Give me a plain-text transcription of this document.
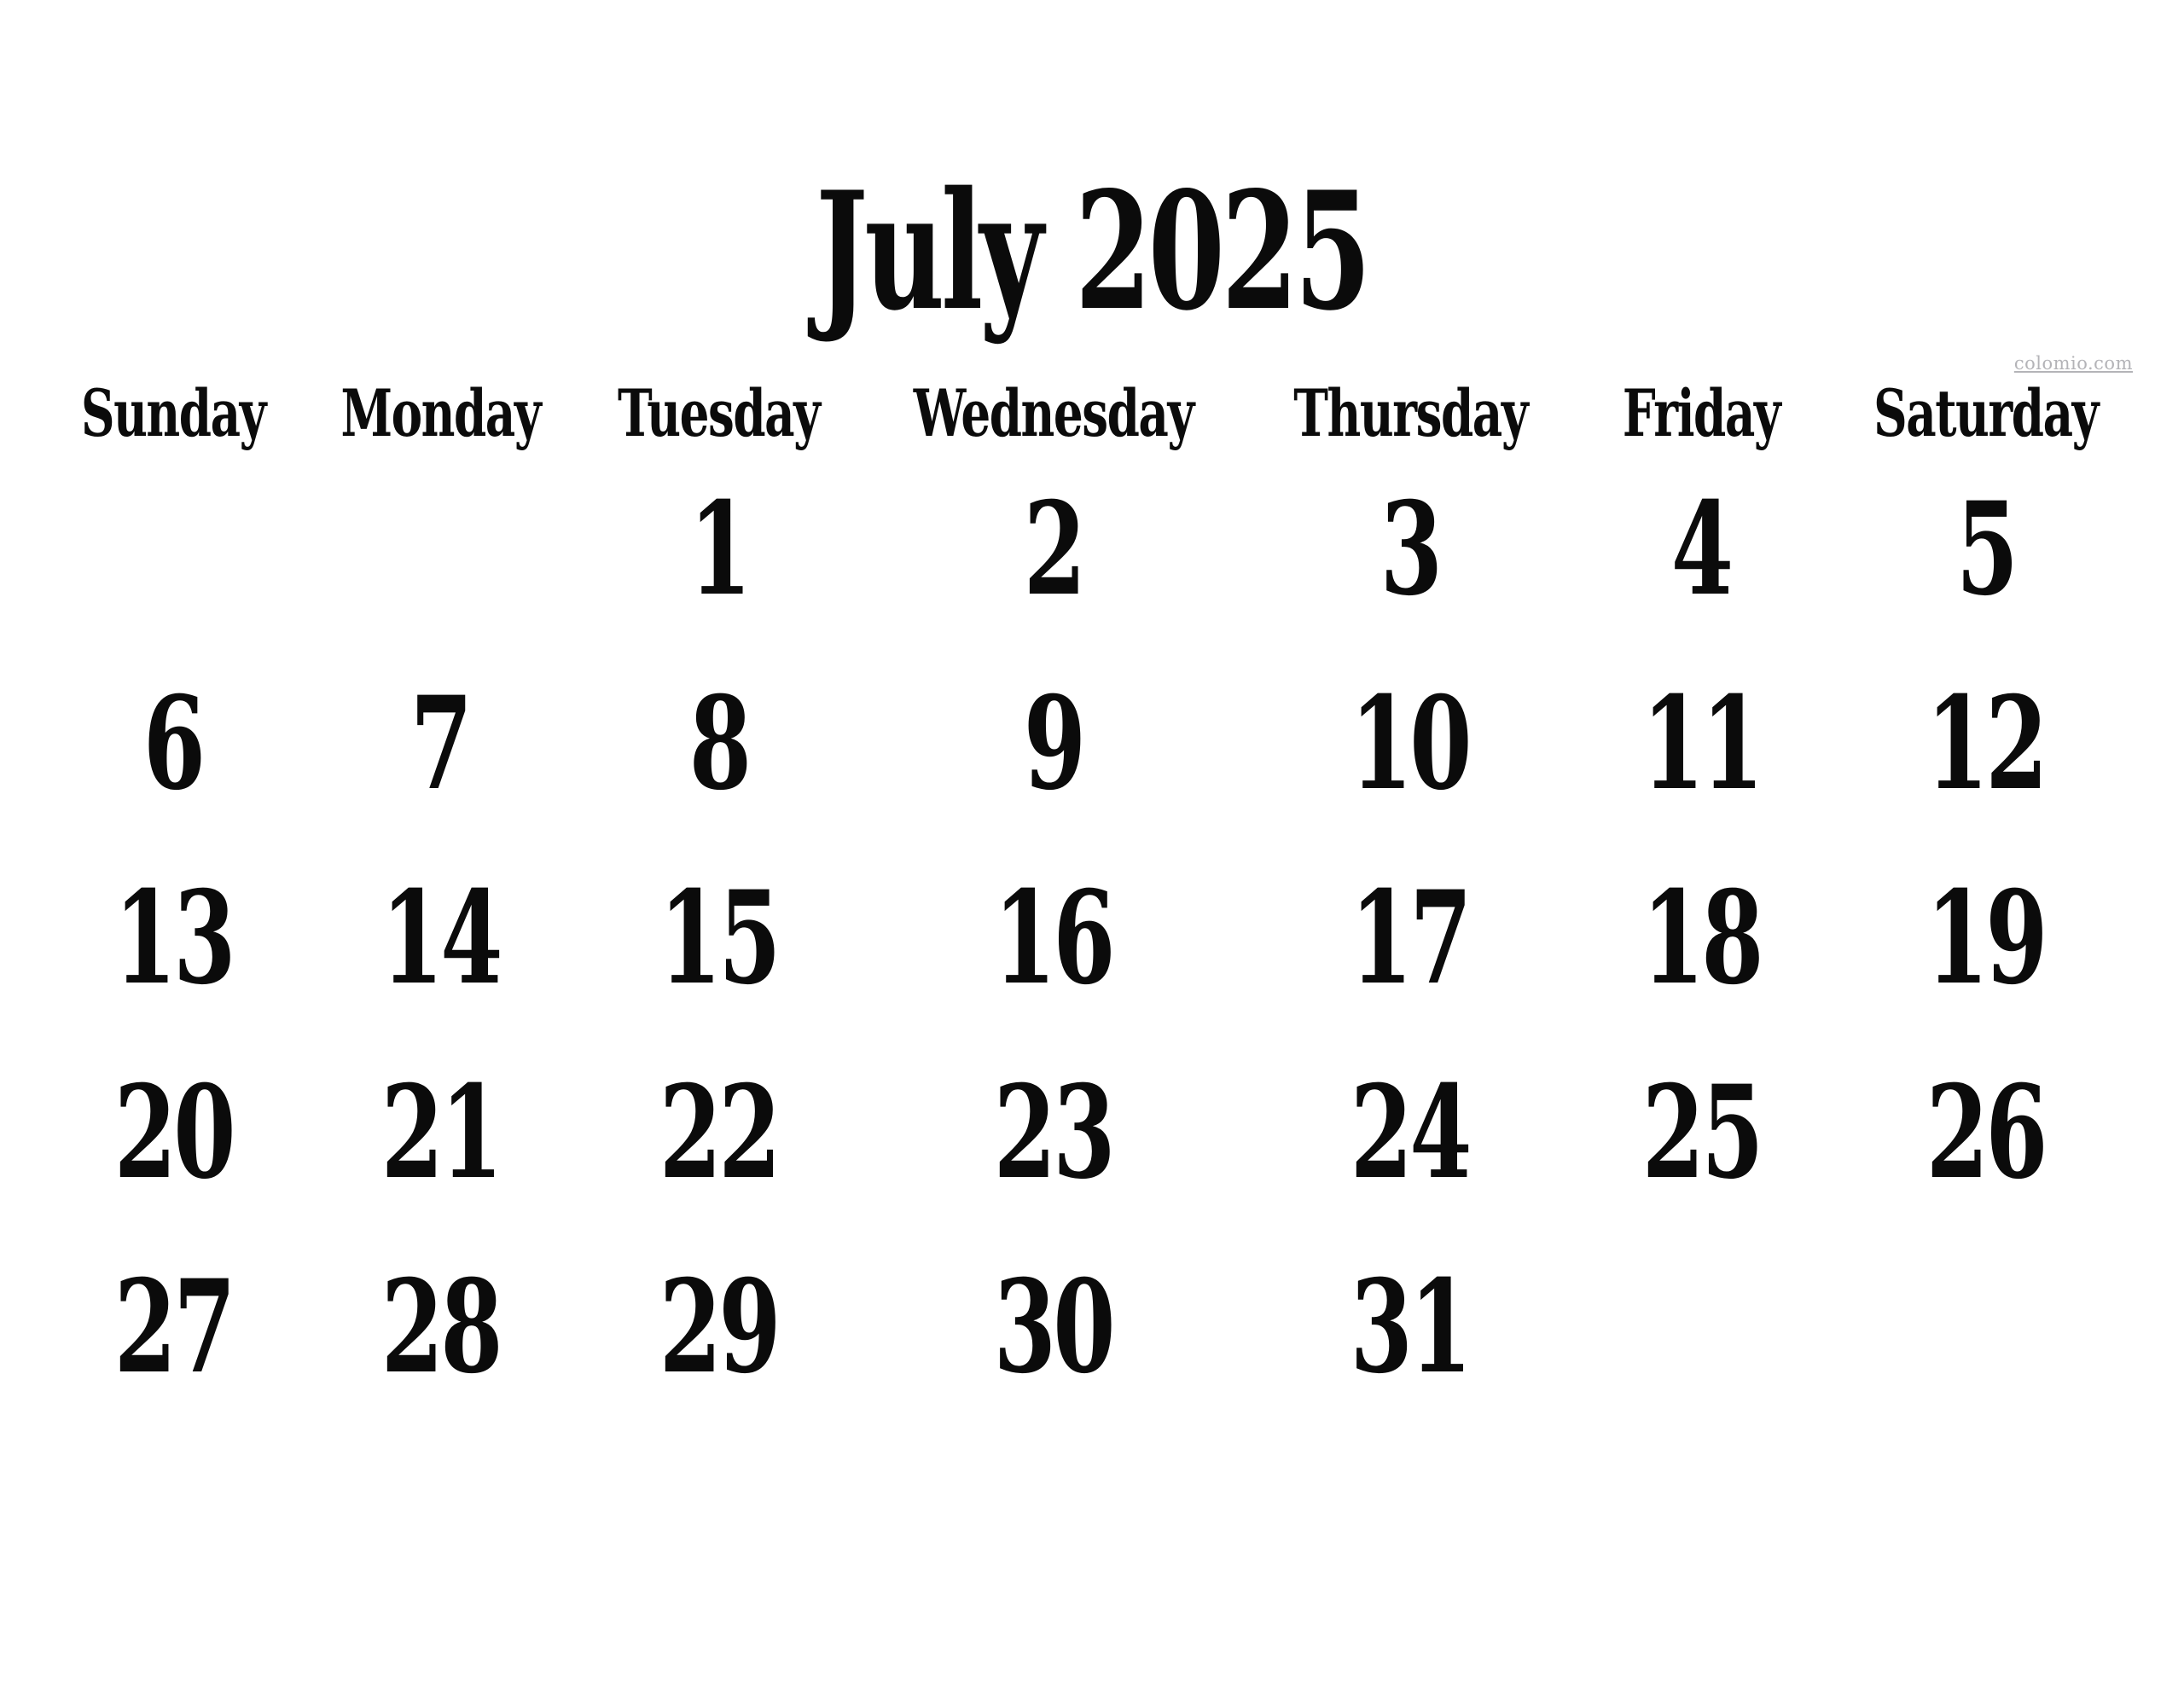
July 2025
colomio.com
Sunday Monday Tuesday Wednesday Thursday Friday Saturday
1 2 3 4 5
6 7 8 9 10 11 12
13 14 15 16 17 18 19
20 21 22 23 24 25 26
27 28 29 30 31
